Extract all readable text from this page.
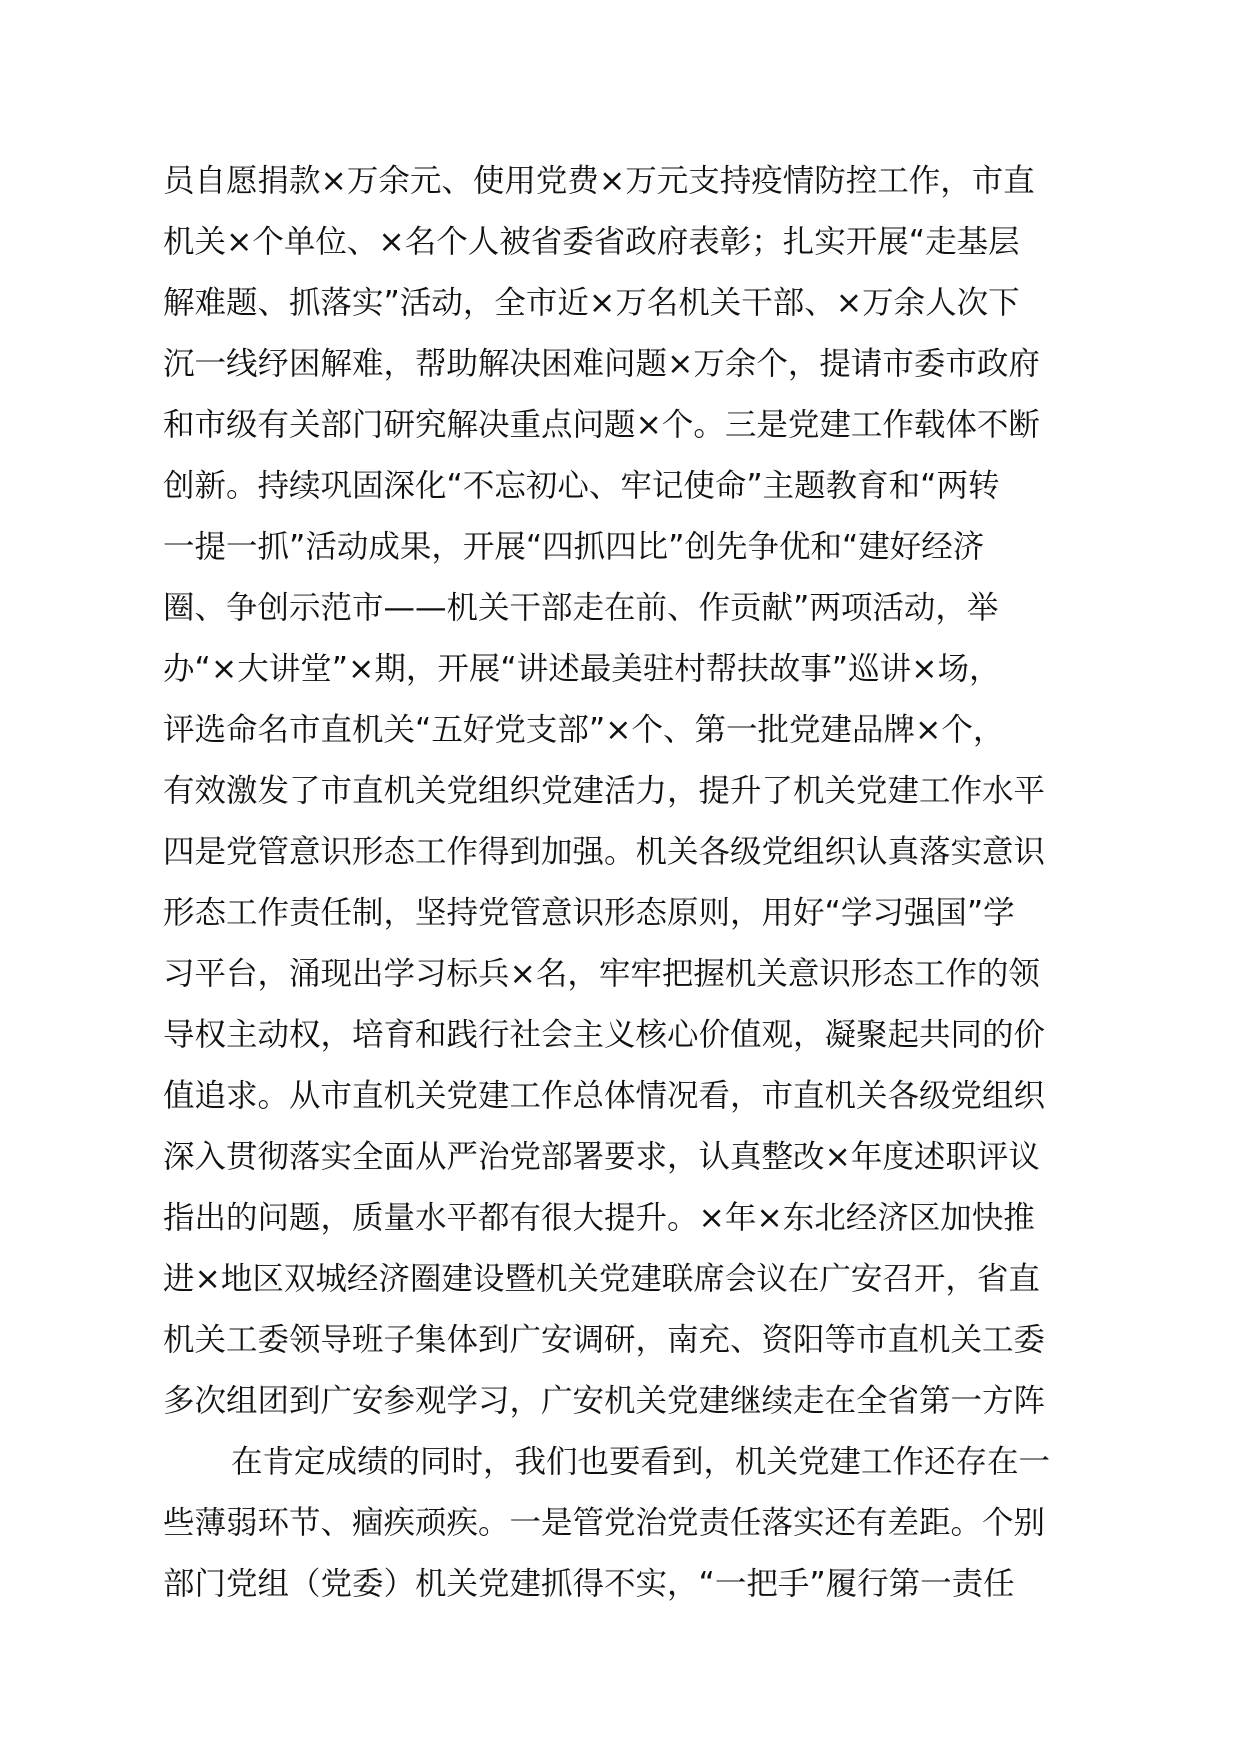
员自愿捐款×万余元、使用党费×万元支持疫情防控工作，市直
机关×个单位、×名个人被省委省政府表彰；扎实开展“走基层
解难题、抓落实”活动，全市近×万名机关干部、×万余人次下
沉一线纾困解难，帮助解决困难问题×万余个，提请市委市政府
和市级有关部门研究解决重点问题×个。三是党建工作载体不断
创新。持续巩固深化“不忘初心、牢记使命”主题教育和“两转
一提一抓”活动成果，开展“四抓四比”创先争优和“建好经济
圈、争创示范市——机关干部走在前、作贡献”两项活动，举
办“×大讲堂”×期，开展“讲述最美驻村帮扶故事”巡讲×场，
评选命名市直机关“五好党支部”×个、第一批党建品牌×个，
有效激发了市直机关党组织党建活力，提升了机关党建工作水平
四是党管意识形态工作得到加强。机关各级党组织认真落实意识
形态工作责任制，坚持党管意识形态原则，用好“学习强国”学
习平台，涌现出学习标兵×名，牢牢把握机关意识形态工作的领
导权主动权，培育和践行社会主义核心价值观，凝聚起共同的价
值追求。从市直机关党建工作总体情况看，市直机关各级党组织
深入贯彻落实全面从严治党部署要求，认真整改×年度述职评议
指出的问题，质量水平都有很大提升。×年×东北经济区加快推
进×地区双城经济圈建设暨机关党建联席会议在广安召开，省直
机关工委领导班子集体到广安调研，南充、资阳等市直机关工委
多次组团到广安参观学习，广安机关党建继续走在全省第一方阵
在肯定成绩的同时，我们也要看到，机关党建工作还存在一
些薄弱环节、痼疾顽疾。一是管党治党责任落实还有差距。个别
部门党组（党委）机关党建抓得不实，“一把手”履行第一责任
